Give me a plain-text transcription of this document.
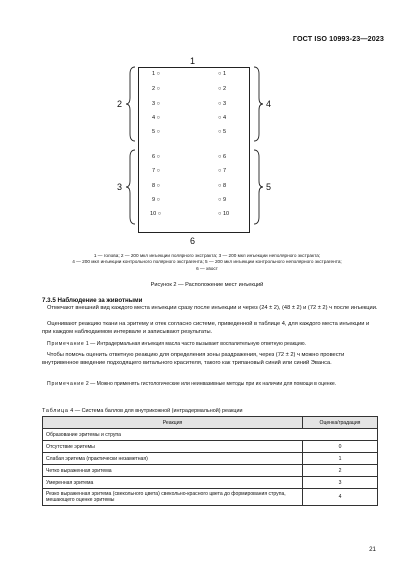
ГОСТ ISO 10993-23—2023
1
1 ○
2 ○
3 ○
4 ○
5 ○
6 ○
7 ○
8 ○
9 ○
10 ○
○ 1
○ 2
○ 3
○ 4
○ 5
○ 6
○ 7
○ 8
○ 9
○ 10
2
3
4
5
6
1 — голова; 2 — 200 мкл инъекции полярного экстракта; 3 — 200 мкл инъекции неполярного экстракта;
4 — 200 мкл инъекции контрольного полярного экстрагента; 5 — 200 мкл инъекции контрольного неполярного экстрагента;
6 — хвост
Рисунок 2 — Расположение мест инъекций
7.3.5 Наблюдение за животными
Отмечают внешний вид каждого места инъекции сразу после инъекции и через (24 ± 2), (48 ± 2) и (72 ± 2) ч после инъекции.
Оценивают реакцию ткани на эритему и отек согласно системе, приведенной в таблице 4, для каждого места инъекции и при каждом наблюдаемом интервале и записывают результаты.
Примечание 1 — Интрадермальная инъекция масла часто вызывает воспалительную ответную реакцию.
Чтобы помочь оценить ответную реакцию для определения зоны раздражения, через (72 ± 2) ч можно провести внутривенное введение подходящего витального красителя, такого как трипановый синий или синий Эванса.
Примечание 2 — Можно применять гистологические или неинвазивные методы при их наличии для помощи в оценке.
Таблица 4 — Система баллов для внутрикожной (интрадермальной) реакции
Реакция	Оценка/градация
Образование эритемы и струпа	
Отсутствие эритемы	0
Слабая эритема (практически незаметная)	1
Четко выраженная эритема	2
Умеренная эритема	3
Резко выраженная эритема (свекольного цвета) свекольно-красного цвета до формирования струпа, мешающего оценке эритемы	4
21
